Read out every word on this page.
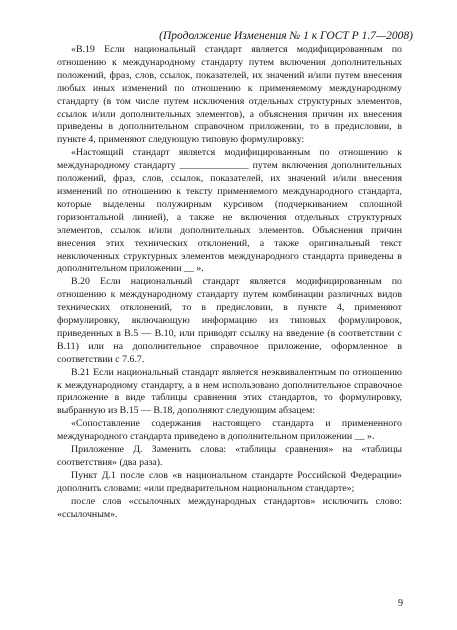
(Продолжение Изменения № 1 к ГОСТ Р 1.7—2008)

«В.19 Если национальный стандарт является модифицированным по отношению к международному стандарту путем включения дополнительных положений, фраз, слов, ссылок, показателей, их значений и/или путем внесения любых иных изменений по отношению к применяемому международному стандарту (в том числе путем исключения отдельных структурных элементов, ссылок и/или дополнительных элементов), а объяснения причин их внесения приведены в дополнительном справочном приложении, то в предисловии, в пункте 4, применяют следующую типовую формулировку:

«Настоящий стандарт является модифицированным по отношению к международному стандарту ______________ путем включения дополнительных положений, фраз, слов, ссылок, показателей, их значений и/или внесения изменений по отношению к тексту применяемого международного стандарта, которые выделены полужирным курсивом (подчеркиванием сплошной горизонтальной линией), а также не включения отдельных структурных элементов, ссылок и/или дополнительных элементов. Объяснения причин внесения этих технических отклонений, а также оригинальный текст невключенных структурных элементов международного стандарта приведены в дополнительном приложении __ ».

В.20 Если национальный стандарт является модифицированным по отношению к международному стандарту путем комбинации различных видов технических отклонений, то в предисловии, в пункте 4, применяют формулировку, включающую информацию из типовых формулировок, приведенных в В.5 — В.10, или приводят ссылку на введение (в соответствии с В.11) или на дополнительное справочное приложение, оформленное в соответствии с 7.6.7.

В.21 Если национальный стандарт является неэквивалентным по отношению к международному стандарту, а в нем использовано дополнительное справочное приложение в виде таблицы сравнения этих стандартов, то формулировку, выбранную из В.15 — В.18, дополняют следующим абзацем:

«Сопоставление содержания настоящего стандарта и примененного международного стандарта приведено в дополнительном приложении __ ».

Приложение Д. Заменить слова: «таблицы сравнения» на «таблицы соответствия» (два раза).

Пункт Д.1 после слов «в национальном стандарте Российской Федерации» дополнить словами: «или предварительном национальном стандарте»;

после слов «ссылочных международных стандартов» исключить слово: «ссылочным».

9
